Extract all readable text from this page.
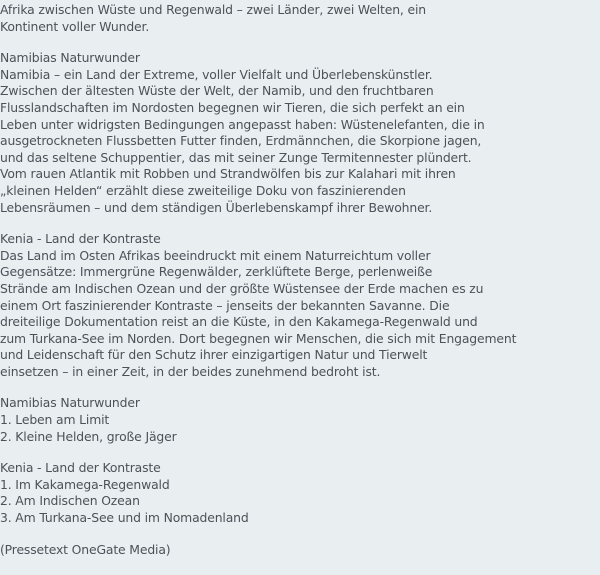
Afrika zwischen Wüste und Regenwald – zwei Länder, zwei Welten, ein
Kontinent voller Wunder.
Namibias Naturwunder
Namibia – ein Land der Extreme, voller Vielfalt und Überlebenskünstler.
Zwischen der ältesten Wüste der Welt, der Namib, und den fruchtbaren
Flusslandschaften im Nordosten begegnen wir Tieren, die sich perfekt an ein
Leben unter widrigsten Bedingungen angepasst haben: Wüstenelefanten, die in
ausgetrockneten Flussbetten Futter finden, Erdmännchen, die Skorpione jagen,
und das seltene Schuppentier, das mit seiner Zunge Termitennester plündert.
Vom rauen Atlantik mit Robben und Strandwölfen bis zur Kalahari mit ihren
„kleinen Helden“ erzählt diese zweiteilige Doku von faszinierenden
Lebensräumen – und dem ständigen Überlebenskampf ihrer Bewohner.
Kenia - Land der Kontraste
Das Land im Osten Afrikas beeindruckt mit einem Naturreichtum voller
Gegensätze: Immergrüne Regenwälder, zerklüftete Berge, perlenweiße
Strände am Indischen Ozean und der größte Wüstensee der Erde machen es zu
einem Ort faszinierender Kontraste – jenseits der bekannten Savanne. Die
dreiteilige Dokumentation reist an die Küste, in den Kakamega-Regenwald und
zum Turkana-See im Norden. Dort begegnen wir Menschen, die sich mit Engagement
und Leidenschaft für den Schutz ihrer einzigartigen Natur und Tierwelt
einsetzen – in einer Zeit, in der beides zunehmend bedroht ist.
Namibias Naturwunder
1. Leben am Limit
2. Kleine Helden, große Jäger
Kenia - Land der Kontraste
1. Im Kakamega-Regenwald
2. Am Indischen Ozean
3. Am Turkana-See und im Nomadenland
(Pressetext OneGate Media)
